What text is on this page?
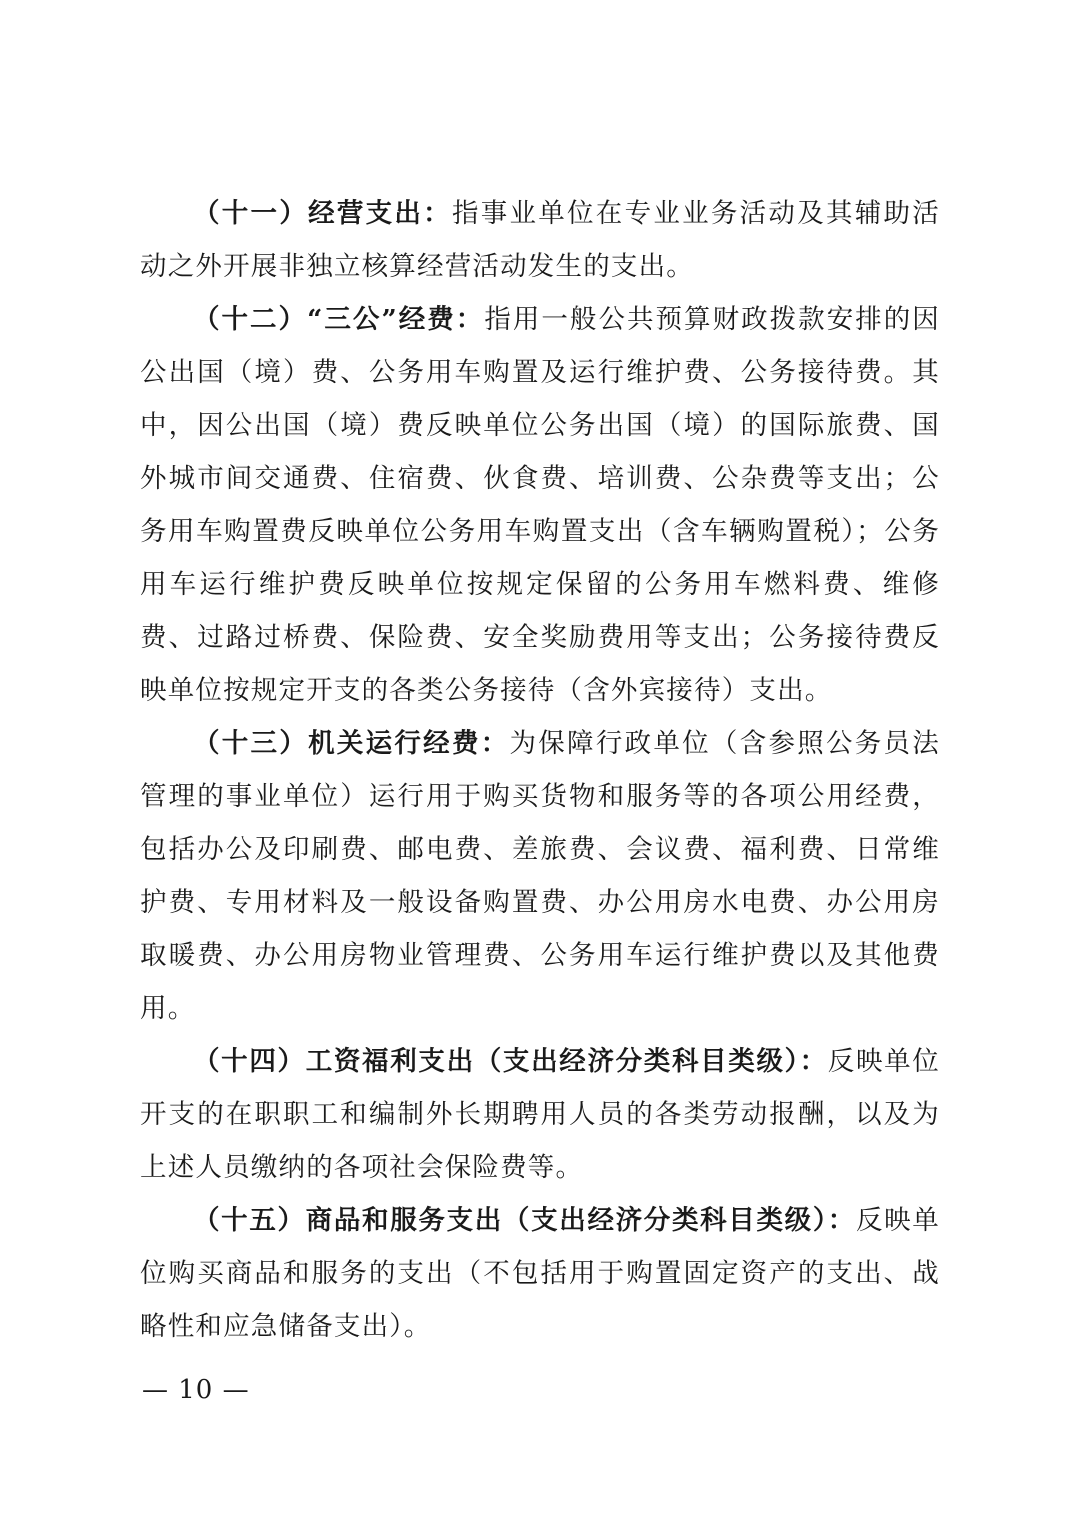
（十一）经营支出：指事业单位在专业业务活动及其辅助活动之外开展非独立核算经营活动发生的支出。

（十二）“三公”经费：指用一般公共预算财政拨款安排的因公出国（境）费、公务用车购置及运行维护费、公务接待费。其中，因公出国（境）费反映单位公务出国（境）的国际旅费、国外城市间交通费、住宿费、伙食费、培训费、公杂费等支出；公务用车购置费反映单位公务用车购置支出（含车辆购置税）；公务用车运行维护费反映单位按规定保留的公务用车燃料费、维修费、过路过桥费、保险费、安全奖励费用等支出；公务接待费反映单位按规定开支的各类公务接待（含外宾接待）支出。

（十三）机关运行经费：为保障行政单位（含参照公务员法管理的事业单位）运行用于购买货物和服务等的各项公用经费，包括办公及印刷费、邮电费、差旅费、会议费、福利费、日常维护费、专用材料及一般设备购置费、办公用房水电费、办公用房取暖费、办公用房物业管理费、公务用车运行维护费以及其他费用。

（十四）工资福利支出（支出经济分类科目类级）：反映单位开支的在职职工和编制外长期聘用人员的各类劳动报酬，以及为上述人员缴纳的各项社会保险费等。

（十五）商品和服务支出（支出经济分类科目类级）：反映单位购买商品和服务的支出（不包括用于购置固定资产的支出、战略性和应急储备支出）。

— 10 —
